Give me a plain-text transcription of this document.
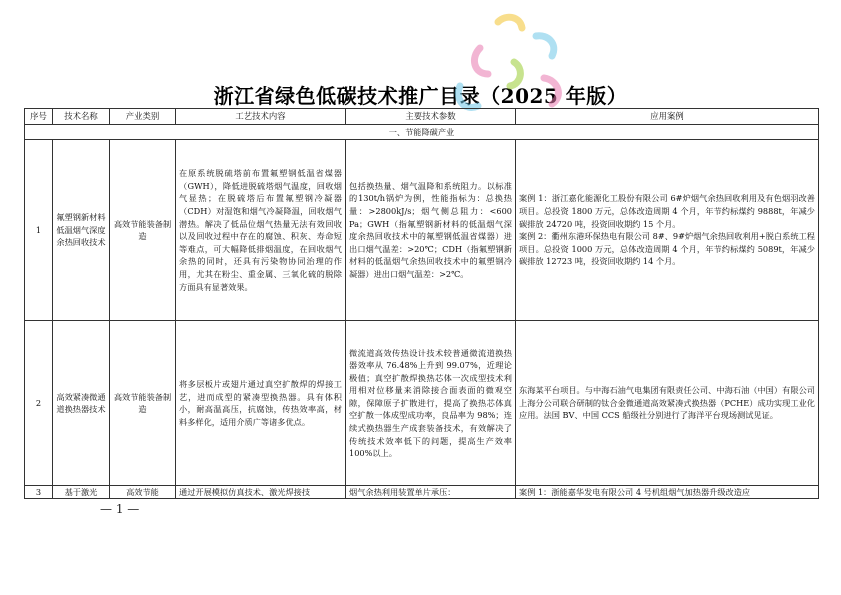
浙江省绿色低碳技术推广目录（2025 年版）
序号	技术名称	产业类别	工艺技术内容	主要技术参数	应用案例
一、节能降碳产业					
1	氟塑钢新材料低温烟气深度余热回收技术	高效节能装备制造	在原系统脱硫塔前布置氟塑钢低温省煤器（GWH），降低进脱硫塔烟气温度，回收烟气显热；在脱硫塔后布置氟塑钢冷凝器（CDH）对湿饱和烟气冷凝降温，回收烟气潜热。解决了低品位烟气热量无法有效回收以及回收过程中存在的腐蚀、积灰、寿命短等难点，可大幅降低排烟温度，在回收烟气余热的同时，还具有污染物协同治理的作用，尤其在粉尘、重金属、三氧化硫的脱除方面具有显著效果。	包括换热量、烟气温降和系统阻力。以标准的130t/h锅炉为例，性能指标为：总换热量：>2800kJ/s；烟气侧总阻力：<600 Pa；GWH（指氟塑钢新材料的低温烟气深度余热回收技术中的氟塑钢低温省煤器）进出口烟气温差：>20℃；CDH（指氟塑钢新材料的低温烟气余热回收技术中的氟塑钢冷凝器）进出口烟气温差：>2℃。	案例 1：浙江嘉化能源化工股份有限公司 6#炉烟气余热回收利用及有色烟羽改善项目。总投资 1800 万元，总体改造周期 4 个月，年节约标煤约 9888t，年减少碳排放 24720 吨，投资回收期约 15 个月。
案例 2：衢州东港环保热电有限公司 8#、9#炉烟气余热回收利用+脱白系统工程项目。总投资 1000 万元，总体改造周期 4 个月，年节约标煤约 5089t，年减少碳排放 12723 吨，投资回收期约 14 个月。

2	高效紧凑微通道换热器技术	高效节能装备制造	将多层板片或翅片通过真空扩散焊的焊接工艺，进而成型的紧凑型换热器。具有体积小，耐高温高压，抗腐蚀，传热效率高，材料多样化，适用介质广等诸多优点。	微流道高效传热设计技术较普通微流道换热器效率从 76.48%上升到 99.07%，近理论极值；真空扩散焊换热芯体一次成型技术利用相对位移量来消除接合面表面的微观空隙，保障原子扩散进行，提高了换热芯体真空扩散一体成型成功率，良品率为 98%；连续式换热器生产成套装备技术，有效解决了传统技术效率低下的问题，提高生产效率 100%以上。	东海某平台项目。与中海石油气电集团有限责任公司、中海石油（中国）有限公司上海分公司联合研制的钛合金微通道高效紧凑式换热器（PCHE）成功实现工业化应用。法国 BV、中国 CCS 船级社分别进行了海洋平台现场测试见证。

3	基于激光	高效节能	通过开展模拟仿真技术、激光焊接技	烟气余热利用装置单片承压：	案例 1：浙能嘉华发电有限公司 4 号机组烟气加热器升级改造应
— 1 —
